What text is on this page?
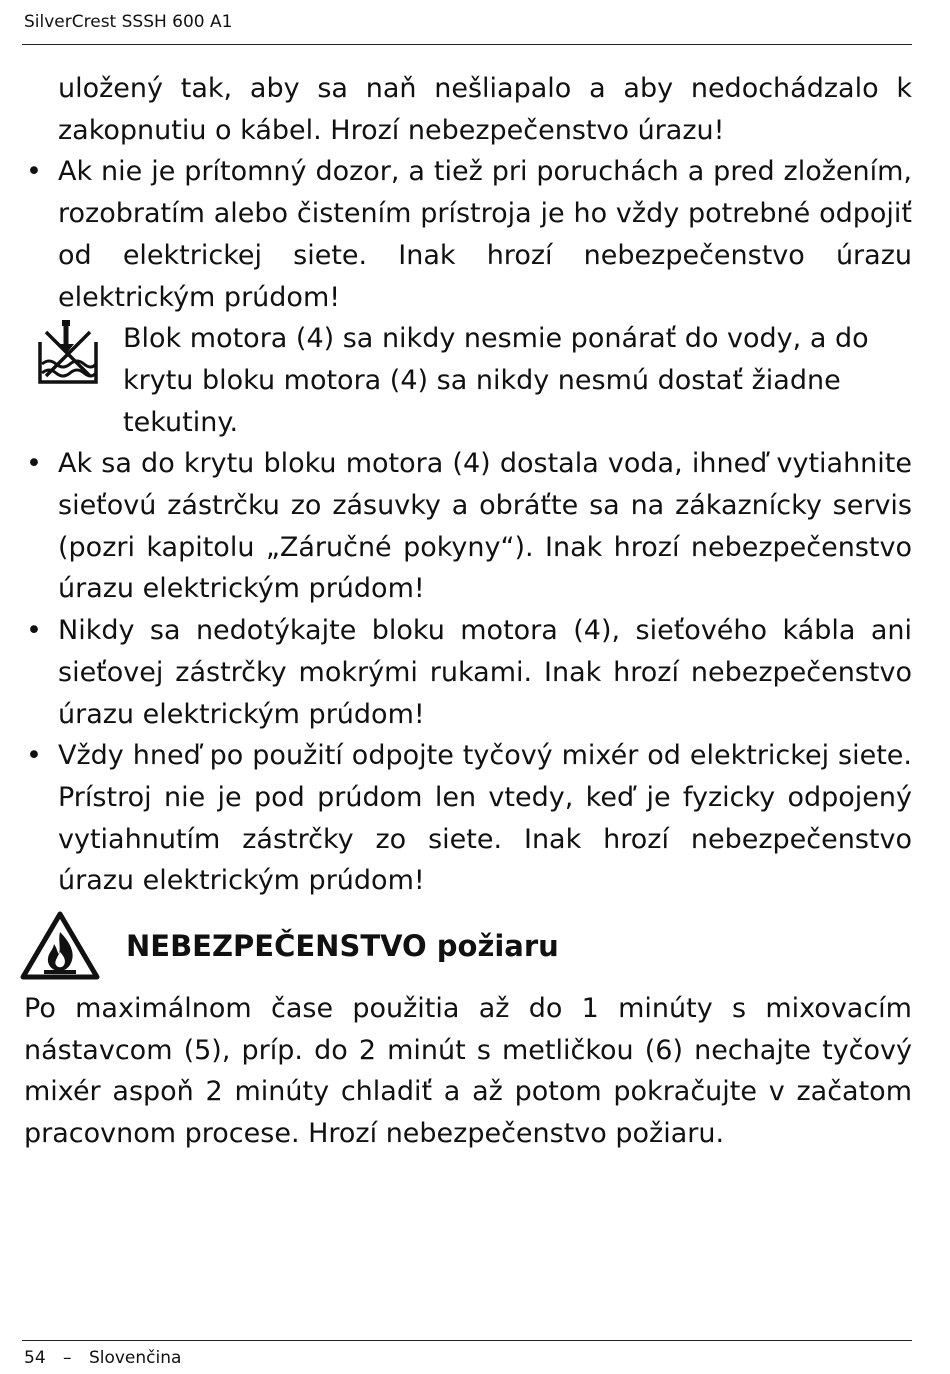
SilverCrest SSSH 600 A1

uložený tak, aby sa naň nešliapalo a aby nedochádzalo k zakopnutiu o kábel. Hrozí nebezpečenstvo úrazu!

• Ak nie je prítomný dozor, a tiež pri poruchách a pred zložením, rozobratím alebo čistením prístroja je ho vždy potrebné odpojiť od elektrickej siete. Inak hrozí nebezpečenstvo úrazu elektrickým prúdom!

Blok motora (4) sa nikdy nesmie ponárať do vody, a do krytu bloku motora (4) sa nikdy nesmú dostať žiadne tekutiny.

• Ak sa do krytu bloku motora (4) dostala voda, ihneď vytiahnite sieťovú zástrčku zo zásuvky a obráťte sa na zákaznícky servis (pozri kapitolu „Záručné pokyny“). Inak hrozí nebezpečenstvo úrazu elektrickým prúdom!

• Nikdy sa nedotýkajte bloku motora (4), sieťového kábla ani sieťovej zástrčky mokrými rukami. Inak hrozí nebezpečenstvo úrazu elektrickým prúdom!

• Vždy hneď po použití odpojte tyčový mixér od elektrickej siete. Prístroj nie je pod prúdom len vtedy, keď je fyzicky odpojený vytiahnutím zástrčky zo siete. Inak hrozí nebezpečenstvo úrazu elektrickým prúdom!

NEBEZPEČENSTVO požiaru

Po maximálnom čase použitia až do 1 minúty s mixovacím nástavcom (5), príp. do 2 minút s metličkou (6) nechajte tyčový mixér aspoň 2 minúty chladiť a až potom pokračujte v začatom pracovnom procese. Hrozí nebezpečenstvo požiaru.

54 – Slovenčina
